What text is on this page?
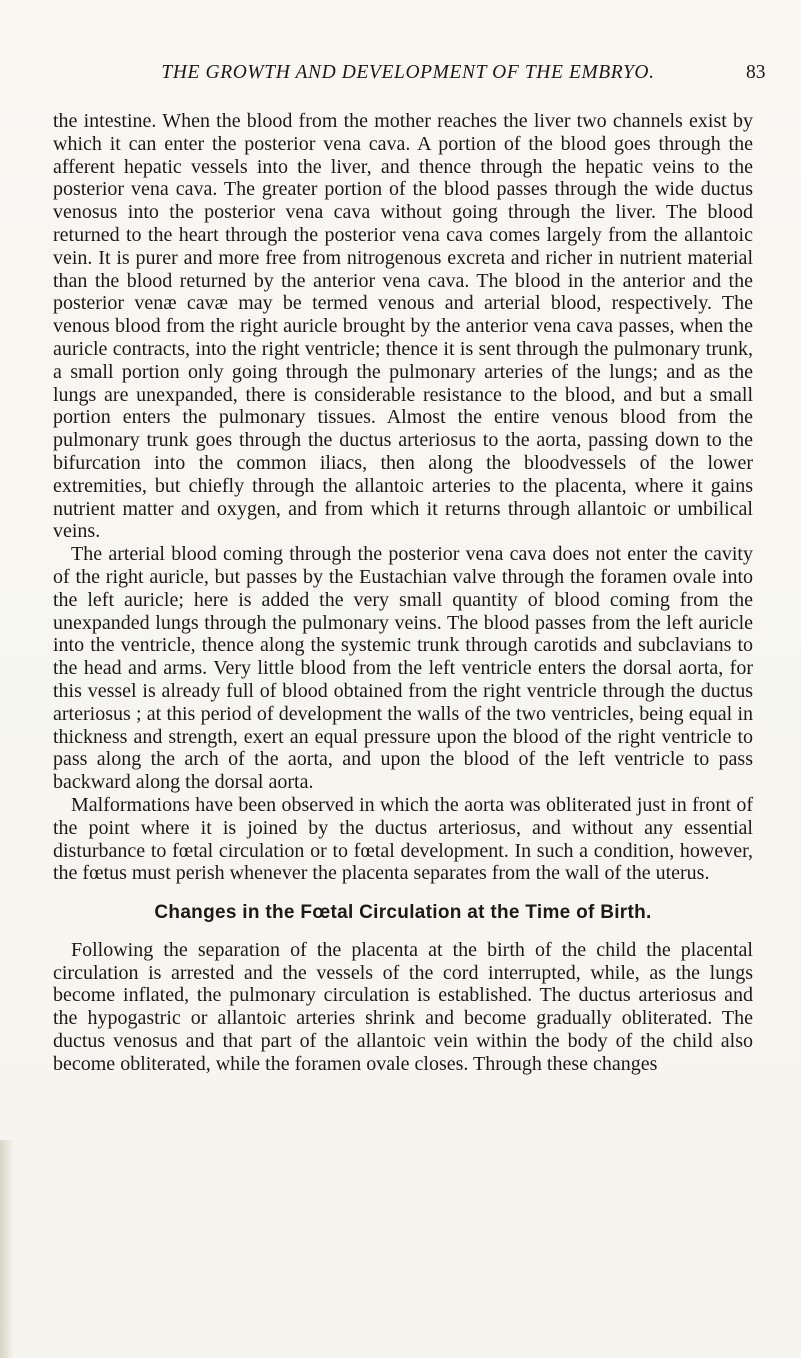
THE GROWTH AND DEVELOPMENT OF THE EMBRYO.	83

the intestine. When the blood from the mother reaches the liver two channels exist by which it can enter the posterior vena cava. A portion of the blood goes through the afferent hepatic vessels into the liver, and thence through the hepatic veins to the posterior vena cava. The greater portion of the blood passes through the wide ductus venosus into the posterior vena cava without going through the liver. The blood returned to the heart through the posterior vena cava comes largely from the allantoic vein. It is purer and more free from nitrogenous excreta and richer in nutrient material than the blood returned by the anterior vena cava. The blood in the anterior and the posterior venæ cavæ may be termed venous and arterial blood, respectively. The venous blood from the right auricle brought by the anterior vena cava passes, when the auricle contracts, into the right ventricle; thence it is sent through the pulmonary trunk, a small portion only going through the pulmonary arteries of the lungs; and as the lungs are unexpanded, there is considerable resistance to the blood, and but a small portion enters the pulmonary tissues. Almost the entire venous blood from the pulmonary trunk goes through the ductus arteriosus to the aorta, passing down to the bifurcation into the common iliacs, then along the bloodvessels of the lower extremities, but chiefly through the allantoic arteries to the placenta, where it gains nutrient matter and oxygen, and from which it returns through allantoic or umbilical veins.

The arterial blood coming through the posterior vena cava does not enter the cavity of the right auricle, but passes by the Eustachian valve through the foramen ovale into the left auricle; here is added the very small quantity of blood coming from the unexpanded lungs through the pulmonary veins. The blood passes from the left auricle into the ventricle, thence along the systemic trunk through carotids and subclavians to the head and arms. Very little blood from the left ventricle enters the dorsal aorta, for this vessel is already full of blood obtained from the right ventricle through the ductus arteriosus ; at this period of development the walls of the two ventricles, being equal in thickness and strength, exert an equal pressure upon the blood of the right ventricle to pass along the arch of the aorta, and upon the blood of the left ventricle to pass backward along the dorsal aorta.

Malformations have been observed in which the aorta was obliterated just in front of the point where it is joined by the ductus arteriosus, and without any essential disturbance to fœtal circulation or to fœtal development. In such a condition, however, the fœtus must perish whenever the placenta separates from the wall of the uterus.

Changes in the Fœtal Circulation at the Time of Birth.

Following the separation of the placenta at the birth of the child the placental circulation is arrested and the vessels of the cord interrupted, while, as the lungs become inflated, the pulmonary circulation is established. The ductus arteriosus and the hypogastric or allantoic arteries shrink and become gradually obliterated. The ductus venosus and that part of the allantoic vein within the body of the child also become obliterated, while the foramen ovale closes. Through these changes
